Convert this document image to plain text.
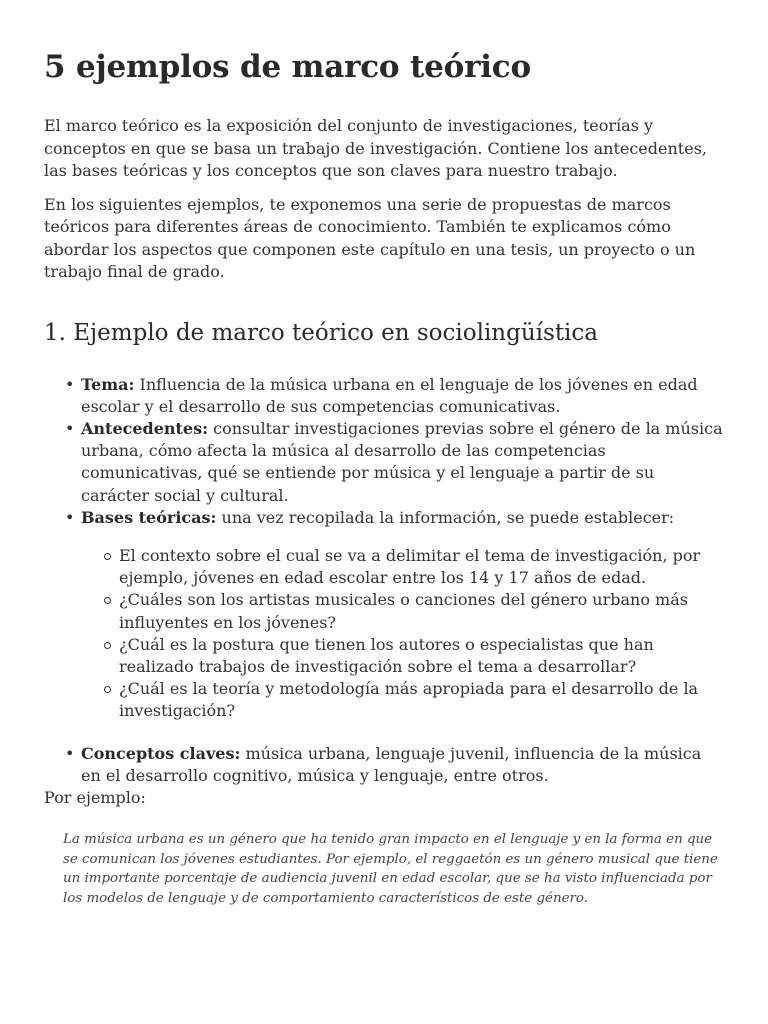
5 ejemplos de marco teórico

El marco teórico es la exposición del conjunto de investigaciones, teorías y conceptos en que se basa un trabajo de investigación. Contiene los antecedentes, las bases teóricas y los conceptos que son claves para nuestro trabajo.

En los siguientes ejemplos, te exponemos una serie de propuestas de marcos teóricos para diferentes áreas de conocimiento. También te explicamos cómo abordar los aspectos que componen este capítulo en una tesis, un proyecto o un trabajo final de grado.

1. Ejemplo de marco teórico en sociolingüística
• Tema: Influencia de la música urbana en el lenguaje de los jóvenes en edad escolar y el desarrollo de sus competencias comunicativas.
• Antecedentes: consultar investigaciones previas sobre el género de la música urbana, cómo afecta la música al desarrollo de las competencias comunicativas, qué se entiende por música y el lenguaje a partir de su carácter social y cultural.
• Bases teóricas: una vez recopilada la información, se puede establecer:
El contexto sobre el cual se va a delimitar el tema de investigación, por ejemplo, jóvenes en edad escolar entre los 14 y 17 años de edad.
¿Cuáles son los artistas musicales o canciones del género urbano más influyentes en los jóvenes?
¿Cuál es la postura que tienen los autores o especialistas que han realizado trabajos de investigación sobre el tema a desarrollar?
¿Cuál es la teoría y metodología más apropiada para el desarrollo de la investigación?
• Conceptos claves: música urbana, lenguaje juvenil, influencia de la música en el desarrollo cognitivo, música y lenguaje, entre otros.

Por ejemplo:

La música urbana es un género que ha tenido gran impacto en el lenguaje y en la forma en que se comunican los jóvenes estudiantes. Por ejemplo, el reggaetón es un género musical que tiene un importante porcentaje de audiencia juvenil en edad escolar, que se ha visto influenciada por los modelos de lenguaje y de comportamiento característicos de este género.
